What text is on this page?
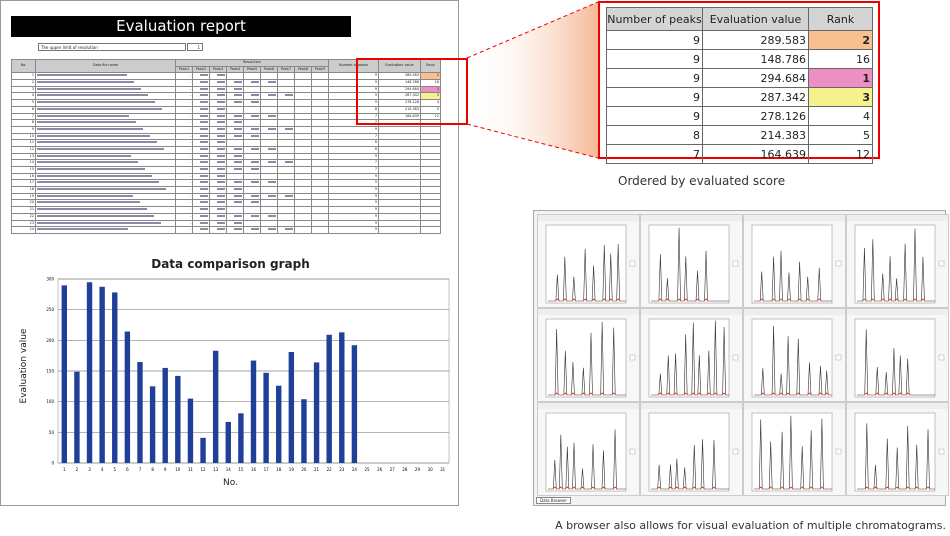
Evaluation report
The upper limit of resolution	1
No.	Data file name	Resolution									Number of peaks	Evaluation value	Rank
		Peak1	Peak2	Peak3	Peak4	Peak5	Peak6	Peak7	Peak8	Peak9			
1		-									9	289.583	2
2		-									9	148.786	16
3		-									9	294.684	1
4		-									9	287.342	3
5		-									9	278.126	4
6		-									8	214.383	5
7		-									7	164.639	12
8		-									7		
9		-									9		
10		-									7		
11		-									6		
12		-									6		
13		-									9		
14		-									7		
15		-									7		
16		-									9		
17		-									9		
18		-									9		
19		-									9		
20		-									9		
21		-									9		
22		-									9		
23		-									9		
24		-									9		
Data comparison graph
0
50
100
150
200
250
300
1	2	3	4	5	6	7	8	9 10 11 12 13 14 15 16 17 18 19 20 21 22 23 24 25 26 27 28 29 30 31
Evaluation value
No.
Number of peaks	Evaluation value	Rank
9	289.583	2
9	148.786	16
9	294.684	1
9	287.342	3
9	278.126	4
8	214.383	5
7	164.639	12
Ordered by evaluated score
Data Browser
A browser also allows for visual evaluation of multiple chromatograms.
